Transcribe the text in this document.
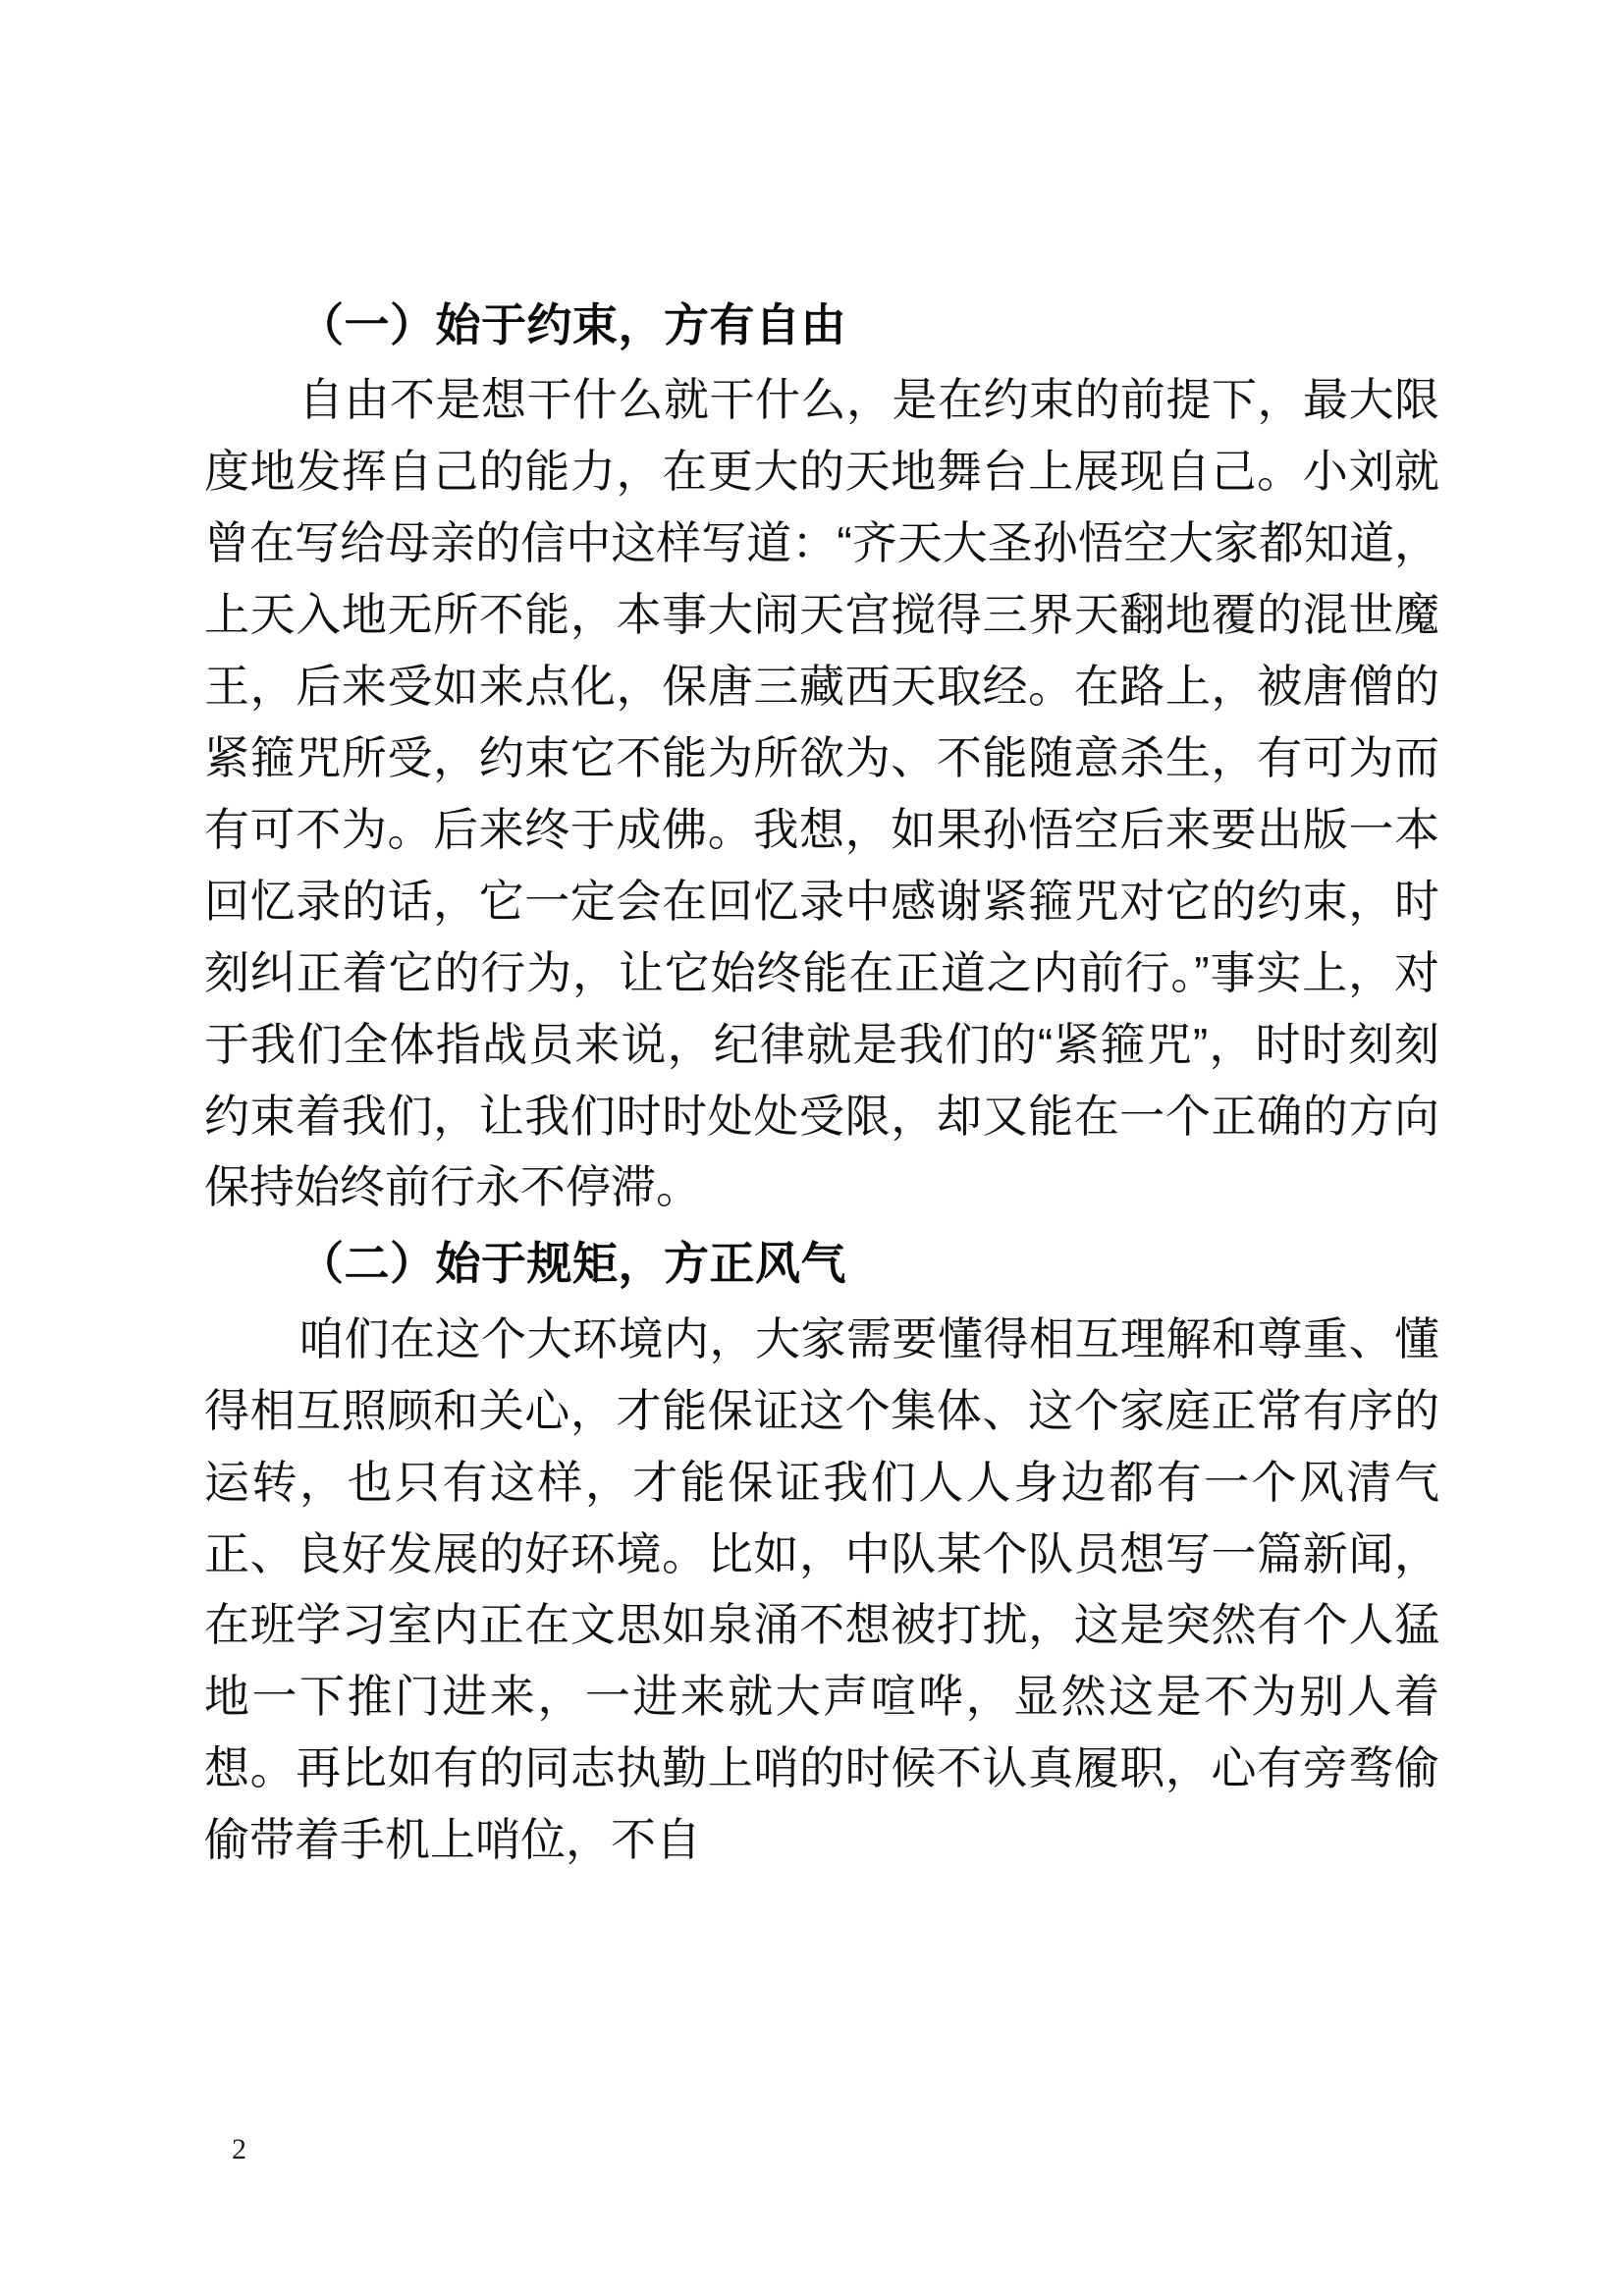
（一）始于约束，方有自由

自由不是想干什么就干什么，是在约束的前提下，最大限度地发挥自己的能力，在更大的天地舞台上展现自己。小刘就曾在写给母亲的信中这样写道：“齐天大圣孙悟空大家都知道，上天入地无所不能，本事大闹天宫搅得三界天翻地覆的混世魔王，后来受如来点化，保唐三藏西天取经。在路上，被唐僧的紧箍咒所受，约束它不能为所欲为、不能随意杀生，有可为而有可不为。后来终于成佛。我想，如果孙悟空后来要出版一本回忆录的话，它一定会在回忆录中感谢紧箍咒对它的约束，时刻纠正着它的行为，让它始终能在正道之内前行。”事实上，对于我们全体指战员来说，纪律就是我们的“紧箍咒”，时时刻刻约束着我们，让我们时时处处受限，却又能在一个正确的方向保持始终前行永不停滞。

（二）始于规矩，方正风气

咱们在这个大环境内，大家需要懂得相互理解和尊重、懂得相互照顾和关心，才能保证这个集体、这个家庭正常有序的运转，也只有这样，才能保证我们人人身边都有一个风清气正、良好发展的好环境。比如，中队某个队员想写一篇新闻，在班学习室内正在文思如泉涌不想被打扰，这是突然有个人猛地一下推门进来，一进来就大声喧哗，显然这是不为别人着想。再比如有的同志执勤上哨的时候不认真履职，心有旁骛偷偷带着手机上哨位，不自

2
